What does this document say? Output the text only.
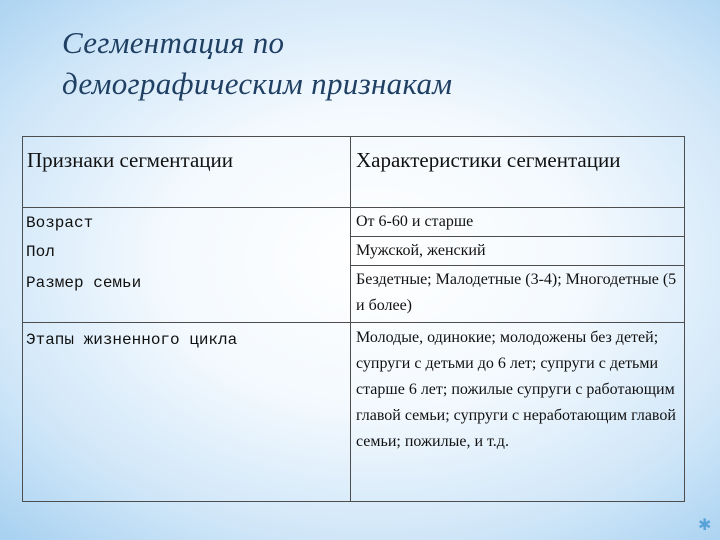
Сегментация по
демографическим признакам
Признаки сегментации	Характеристики сегментации

Возраст	От 6-60 и старше

Пол	Мужской, женский

Размер семьи	Бездетные; Малодетные (3-4); Многодетные (5 и более)

Этапы жизненного цикла	Молодые, одинокие; молодожены без детей; супруги с детьми до 6 лет; супруги с детьми старше 6 лет; пожилые супруги с работающим главой семьи; супруги с неработающим главой семьи; пожилые, и т.д.
✱
